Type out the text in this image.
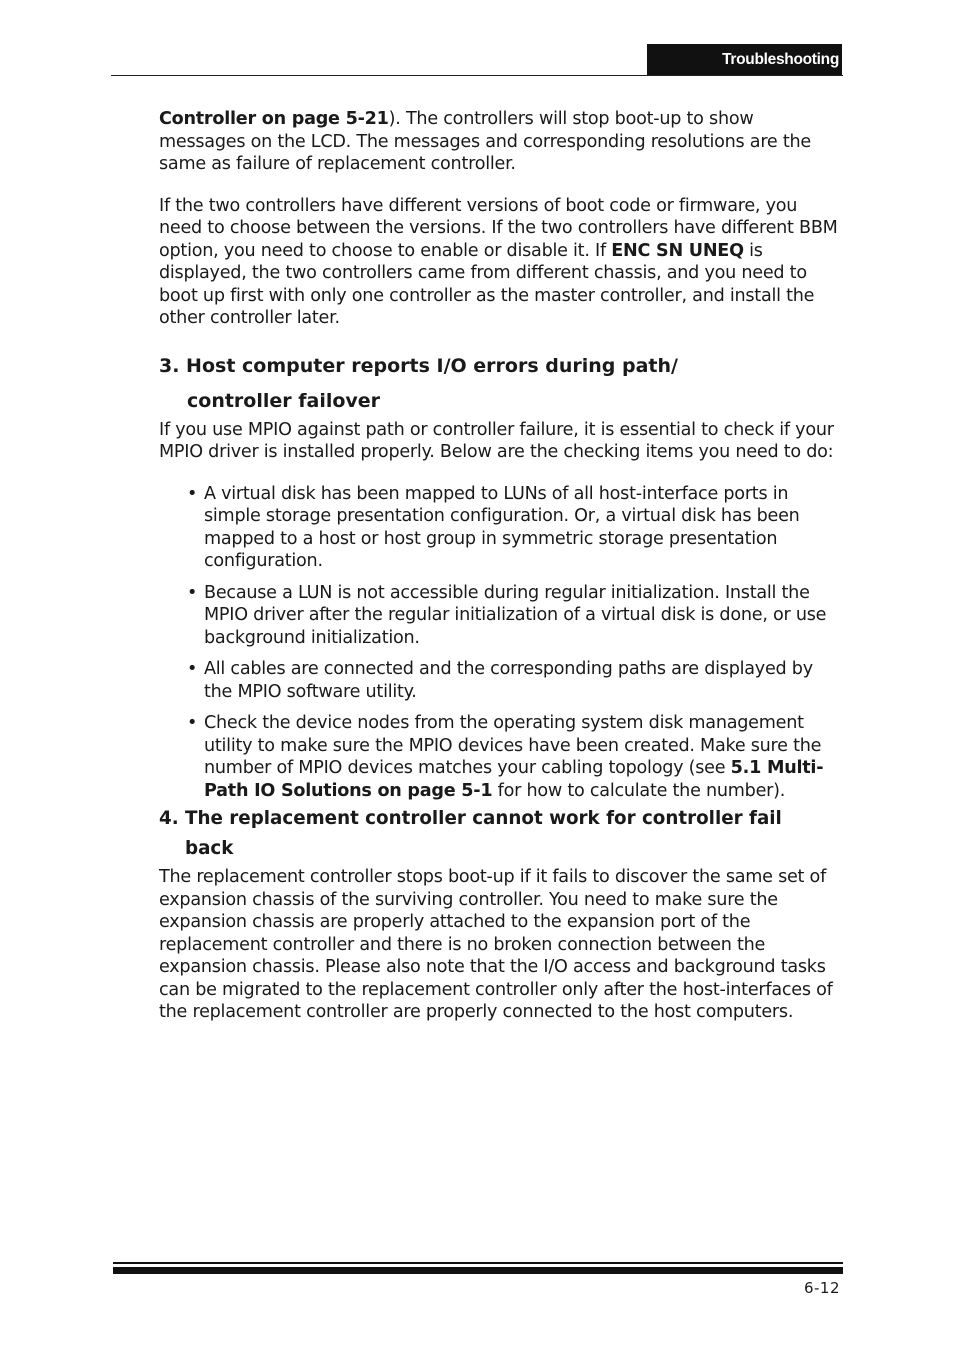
Troubleshooting

Controller on page 5-21). The controllers will stop boot-up to show messages on the LCD. The messages and corresponding resolutions are the same as failure of replacement controller.

If the two controllers have different versions of boot code or firmware, you need to choose between the versions. If the two controllers have different BBM option, you need to choose to enable or disable it. If ENC SN UNEQ is displayed, the two controllers came from different chassis, and you need to boot up first with only one controller as the master controller, and install the other controller later.

3. Host computer reports I/O errors during path/
controller failover

If you use MPIO against path or controller failure, it is essential to check if your MPIO driver is installed properly. Below are the checking items you need to do:

• A virtual disk has been mapped to LUNs of all host-interface ports in simple storage presentation configuration. Or, a virtual disk has been mapped to a host or host group in symmetric storage presentation configuration.
• Because a LUN is not accessible during regular initialization. Install the MPIO driver after the regular initialization of a virtual disk is done, or use background initialization.
• All cables are connected and the corresponding paths are displayed by the MPIO software utility.
• Check the device nodes from the operating system disk management utility to make sure the MPIO devices have been created. Make sure the number of MPIO devices matches your cabling topology (see 5.1 Multi-Path IO Solutions on page 5-1 for how to calculate the number).
4. The replacement controller cannot work for controller fail
back

The replacement controller stops boot-up if it fails to discover the same set of expansion chassis of the surviving controller. You need to make sure the expansion chassis are properly attached to the expansion port of the replacement controller and there is no broken connection between the expansion chassis. Please also note that the I/O access and background tasks can be migrated to the replacement controller only after the host-interfaces of the replacement controller are properly connected to the host computers.

6-12
